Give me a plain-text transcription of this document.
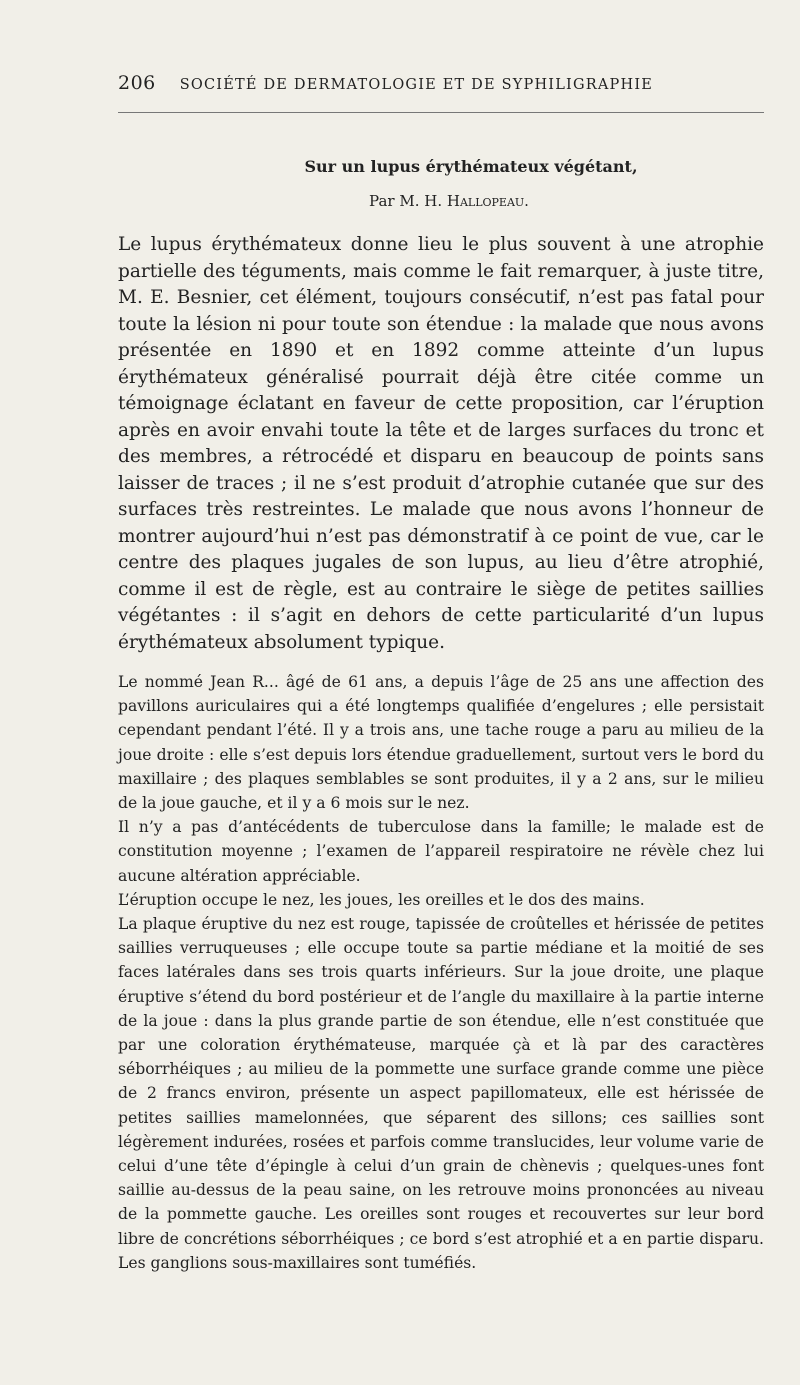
206 SOCIÉTÉ DE DERMATOLOGIE ET DE SYPHILIGRAPHIE
Sur un lupus érythémateux végétant,
Par M. H. Hallopeau.
Le lupus érythémateux donne lieu le plus souvent à une atrophie partielle des téguments, mais comme le fait remarquer, à juste titre, M. E. Besnier, cet élément, toujours consécutif, n’est pas fatal pour toute la lésion ni pour toute son étendue : la malade que nous avons présentée en 1890 et en 1892 comme atteinte d’un lupus érythémateux généralisé pourrait déjà être citée comme un témoignage éclatant en faveur de cette proposition, car l’éruption après en avoir envahi toute la tête et de larges surfaces du tronc et des membres, a rétrocédé et disparu en beaucoup de points sans laisser de traces ; il ne s’est produit d’atrophie cutanée que sur des surfaces très restreintes. Le malade que nous avons l’honneur de montrer aujourd’hui n’est pas démonstratif à ce point de vue, car le centre des plaques jugales de son lupus, au lieu d’être atrophié, comme il est de règle, est au contraire le siège de petites saillies végétantes : il s’agit en dehors de cette particularité d’un lupus érythémateux absolument typique.

Le nommé Jean R... âgé de 61 ans, a depuis l’âge de 25 ans une affection des pavillons auriculaires qui a été longtemps qualifiée d’engelures ; elle persistait cependant pendant l’été. Il y a trois ans, une tache rouge a paru au milieu de la joue droite : elle s’est depuis lors étendue graduellement, surtout vers le bord du maxillaire ; des plaques semblables se sont produites, il y a 2 ans, sur le milieu de la joue gauche, et il y a 6 mois sur le nez.

Il n’y a pas d’antécédents de tuberculose dans la famille; le malade est de constitution moyenne ; l’examen de l’appareil respiratoire ne révèle chez lui aucune altération appréciable.

L’éruption occupe le nez, les joues, les oreilles et le dos des mains.

La plaque éruptive du nez est rouge, tapissée de croûtelles et hérissée de petites saillies verruqueuses ; elle occupe toute sa partie médiane et la moitié de ses faces latérales dans ses trois quarts inférieurs. Sur la joue droite, une plaque éruptive s’étend du bord postérieur et de l’angle du maxillaire à la partie interne de la joue : dans la plus grande partie de son étendue, elle n’est constituée que par une coloration érythémateuse, marquée çà et là par des caractères séborrhéiques ; au milieu de la pommette une surface grande comme une pièce de 2 francs environ, présente un aspect papillomateux, elle est hérissée de petites saillies mamelonnées, que séparent des sillons; ces saillies sont légèrement indurées, rosées et parfois comme translucides, leur volume varie de celui d’une tête d’épingle à celui d’un grain de chènevis ; quelques-unes font saillie au-dessus de la peau saine, on les retrouve moins prononcées au niveau de la pommette gauche. Les oreilles sont rouges et recouvertes sur leur bord libre de concrétions séborrhéiques ; ce bord s’est atrophié et a en partie disparu. Les ganglions sous-maxillaires sont tuméfiés.
